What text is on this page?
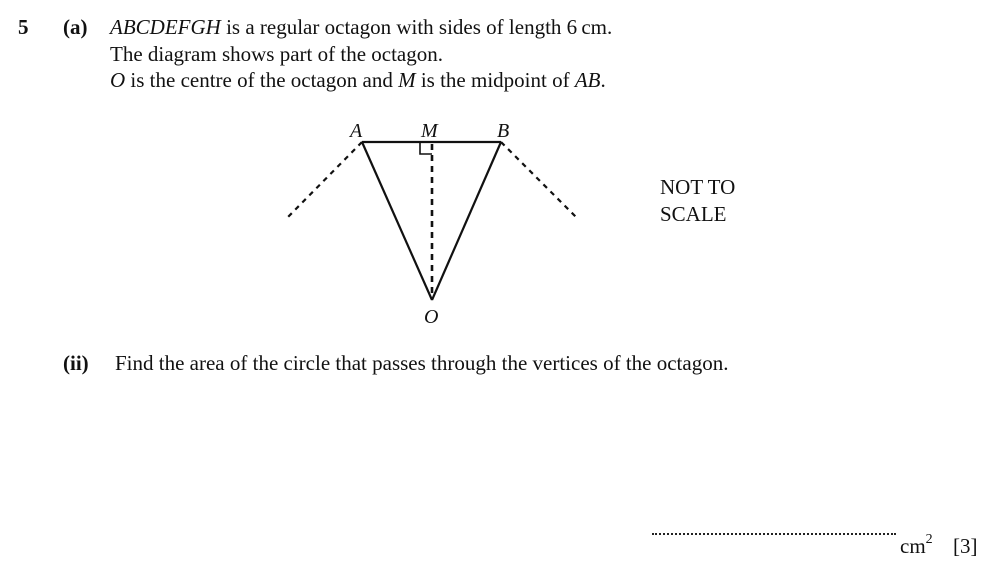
5 (a) ABCDEFGH is a regular octagon with sides of length 6 cm.
The diagram shows part of the octagon.
O is the centre of the octagon and M is the midpoint of AB.
A	M	B
O
NOT TO
SCALE
(ii) Find the area of the circle that passes through the vertices of the octagon.
$cm^2$ [3]
